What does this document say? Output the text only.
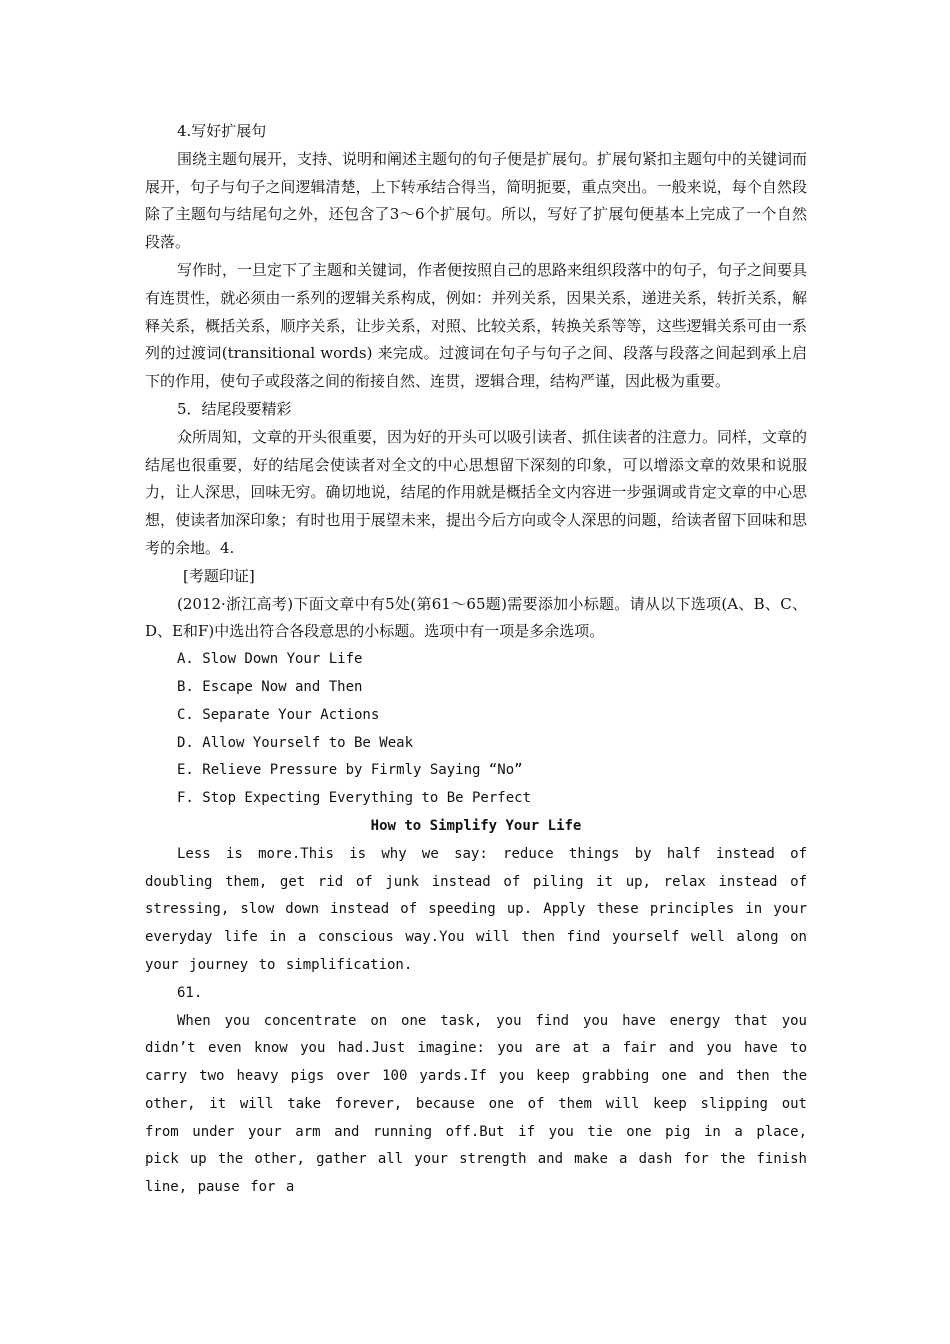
4.写好扩展句

围绕主题句展开，支持、说明和阐述主题句的句子便是扩展句。扩展句紧扣主题句中的关键词而展开，句子与句子之间逻辑清楚，上下转承结合得当，简明扼要，重点突出。一般来说，每个自然段除了主题句与结尾句之外，还包含了3～6个扩展句。所以，写好了扩展句便基本上完成了一个自然段落。

写作时，一旦定下了主题和关键词，作者便按照自己的思路来组织段落中的句子，句子之间要具有连贯性，就必须由一系列的逻辑关系构成，例如：并列关系，因果关系，递进关系，转折关系，解释关系，概括关系，顺序关系，让步关系，对照、比较关系，转换关系等等，这些逻辑关系可由一系列的过渡词(transitional words) 来完成。过渡词在句子与句子之间、段落与段落之间起到承上启下的作用，使句子或段落之间的衔接自然、连贯，逻辑合理，结构严谨，因此极为重要。

5．结尾段要精彩

众所周知，文章的开头很重要，因为好的开头可以吸引读者、抓住读者的注意力。同样，文章的结尾也很重要，好的结尾会使读者对全文的中心思想留下深刻的印象，可以增添文章的效果和说服力，让人深思，回味无穷。确切地说，结尾的作用就是概括全文内容进一步强调或肯定文章的中心思想，使读者加深印象；有时也用于展望未来，提出今后方向或令人深思的问题，给读者留下回味和思考的余地。4.

[考题印证]

(2012·浙江高考)下面文章中有5处(第61～65题)需要添加小标题。请从以下选项(A、B、C、D、E和F)中选出符合各段意思的小标题。选项中有一项是多余选项。

A. Slow Down Your Life

B. Escape Now and Then

C. Separate Your Actions

D. Allow Yourself to Be Weak

E. Relieve Pressure by Firmly Saying “No”

F. Stop Expecting Everything to Be Perfect

How to Simplify Your Life

Less is more.This is why we say: reduce things by half instead of doubling them, get rid of junk instead of piling it up, relax instead of stressing, slow down instead of speeding up. Apply these principles in your everyday life in a conscious way.You will then find yourself well along on your journey to simplification.

61.

When you concentrate on one task, you find you have energy that you didn’t even know you had.Just imagine: you are at a fair and you have to carry two heavy pigs over 100 yards.If you keep grabbing one and then the other, it will take forever, because one of them will keep slipping out from under your arm and running off.But if you tie one pig in a place, pick up the other, gather all your strength and make a dash for the finish line, pause for a
